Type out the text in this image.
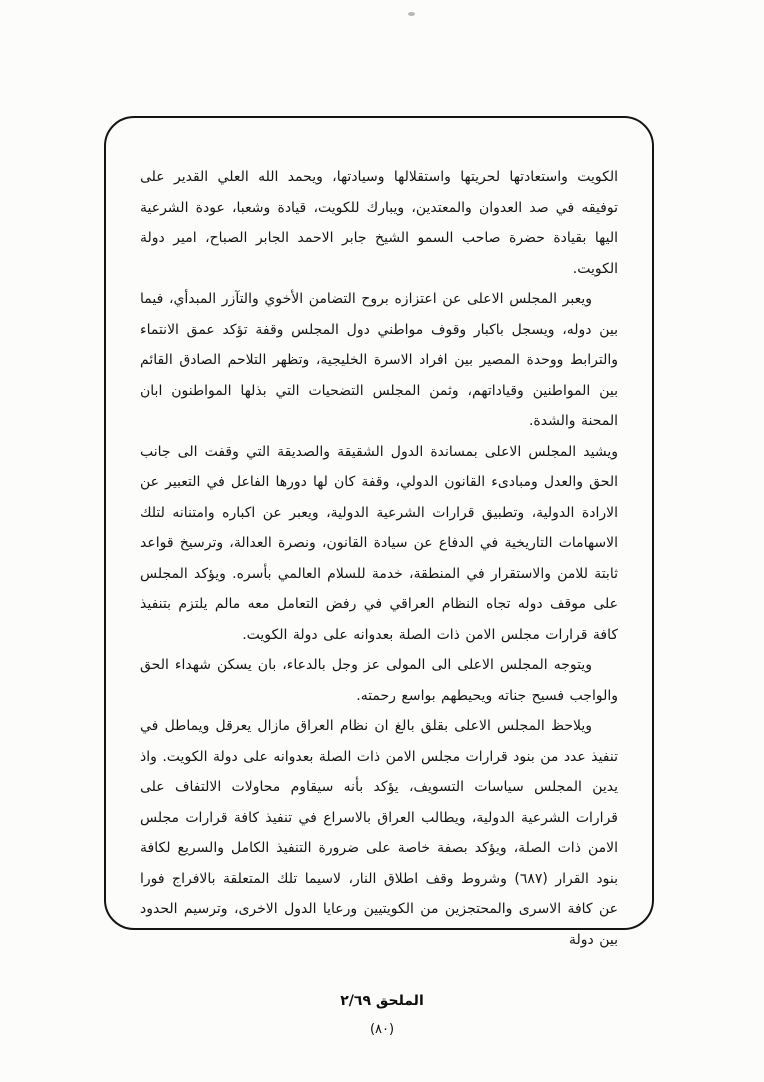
الكويت واستعادتها لحريتها واستقلالها وسيادتها، ويحمد الله العلي القدير على توفيقه في صد العدوان والمعتدين، ويبارك للكويت، قيادة وشعبا، عودة الشرعية اليها بقيادة حضرة صاحب السمو الشيخ جابر الاحمد الجابر الصباح، امير دولة الكويت.

ويعبر المجلس الاعلى عن اعتزازه بروح التضامن الأخوي والتآزر المبدأي، فيما بين دوله، ويسجل باكبار وقوف مواطني دول المجلس وقفة تؤكد عمق الانتماء والترابط ووحدة المصير بين افراد الاسرة الخليجية، وتظهر التلاحم الصادق القائم بين المواطنين وقياداتهم، وثمن المجلس التضحيات التي بذلها المواطنون ابان المحنة والشدة.

ويشيد المجلس الاعلى بمساندة الدول الشقيقة والصديقة التي وقفت الى جانب الحق والعدل ومبادىء القانون الدولي، وقفة كان لها دورها الفاعل في التعبير عن الارادة الدولية، وتطبيق قرارات الشرعية الدولية، ويعبر عن اكباره وامتنانه لتلك الاسهامات التاريخية في الدفاع عن سيادة القانون، ونصرة العدالة، وترسيخ قواعد ثابتة للامن والاستقرار في المنطقة، خدمة للسلام العالمي بأسره. ويؤكد المجلس على موقف دوله تجاه النظام العراقي في رفض التعامل معه مالم يلتزم بتنفيذ كافة قرارات مجلس الامن ذات الصلة بعدوانه على دولة الكويت.

ويتوجه المجلس الاعلى الى المولى عز وجل بالدعاء، بان يسكن شهداء الحق والواجب فسيح جناته ويحيطهم بواسع رحمته.

ويلاحظ المجلس الاعلى بقلق بالغ ان نظام العراق مازال يعرقل ويماطل في تنفيذ عدد من بنود قرارات مجلس الامن ذات الصلة بعدوانه على دولة الكويت. واذ يدين المجلس سياسات التسويف، يؤكد بأنه سيقاوم محاولات الالتفاف على قرارات الشرعية الدولية، ويطالب العراق بالاسراع في تنفيذ كافة قرارات مجلس الامن ذات الصلة، ويؤكد بصفة خاصة على ضرورة التنفيذ الكامل والسريع لكافة بنود القرار (٦٨٧) وشروط وقف اطلاق النار، لاسيما تلك المتعلقة بالافراج فورا عن كافة الاسرى والمحتجزين من الكويتيين ورعايا الدول الاخرى، وترسيم الحدود بين دولة

الملحق ٢/٦٩
(٨٠)
